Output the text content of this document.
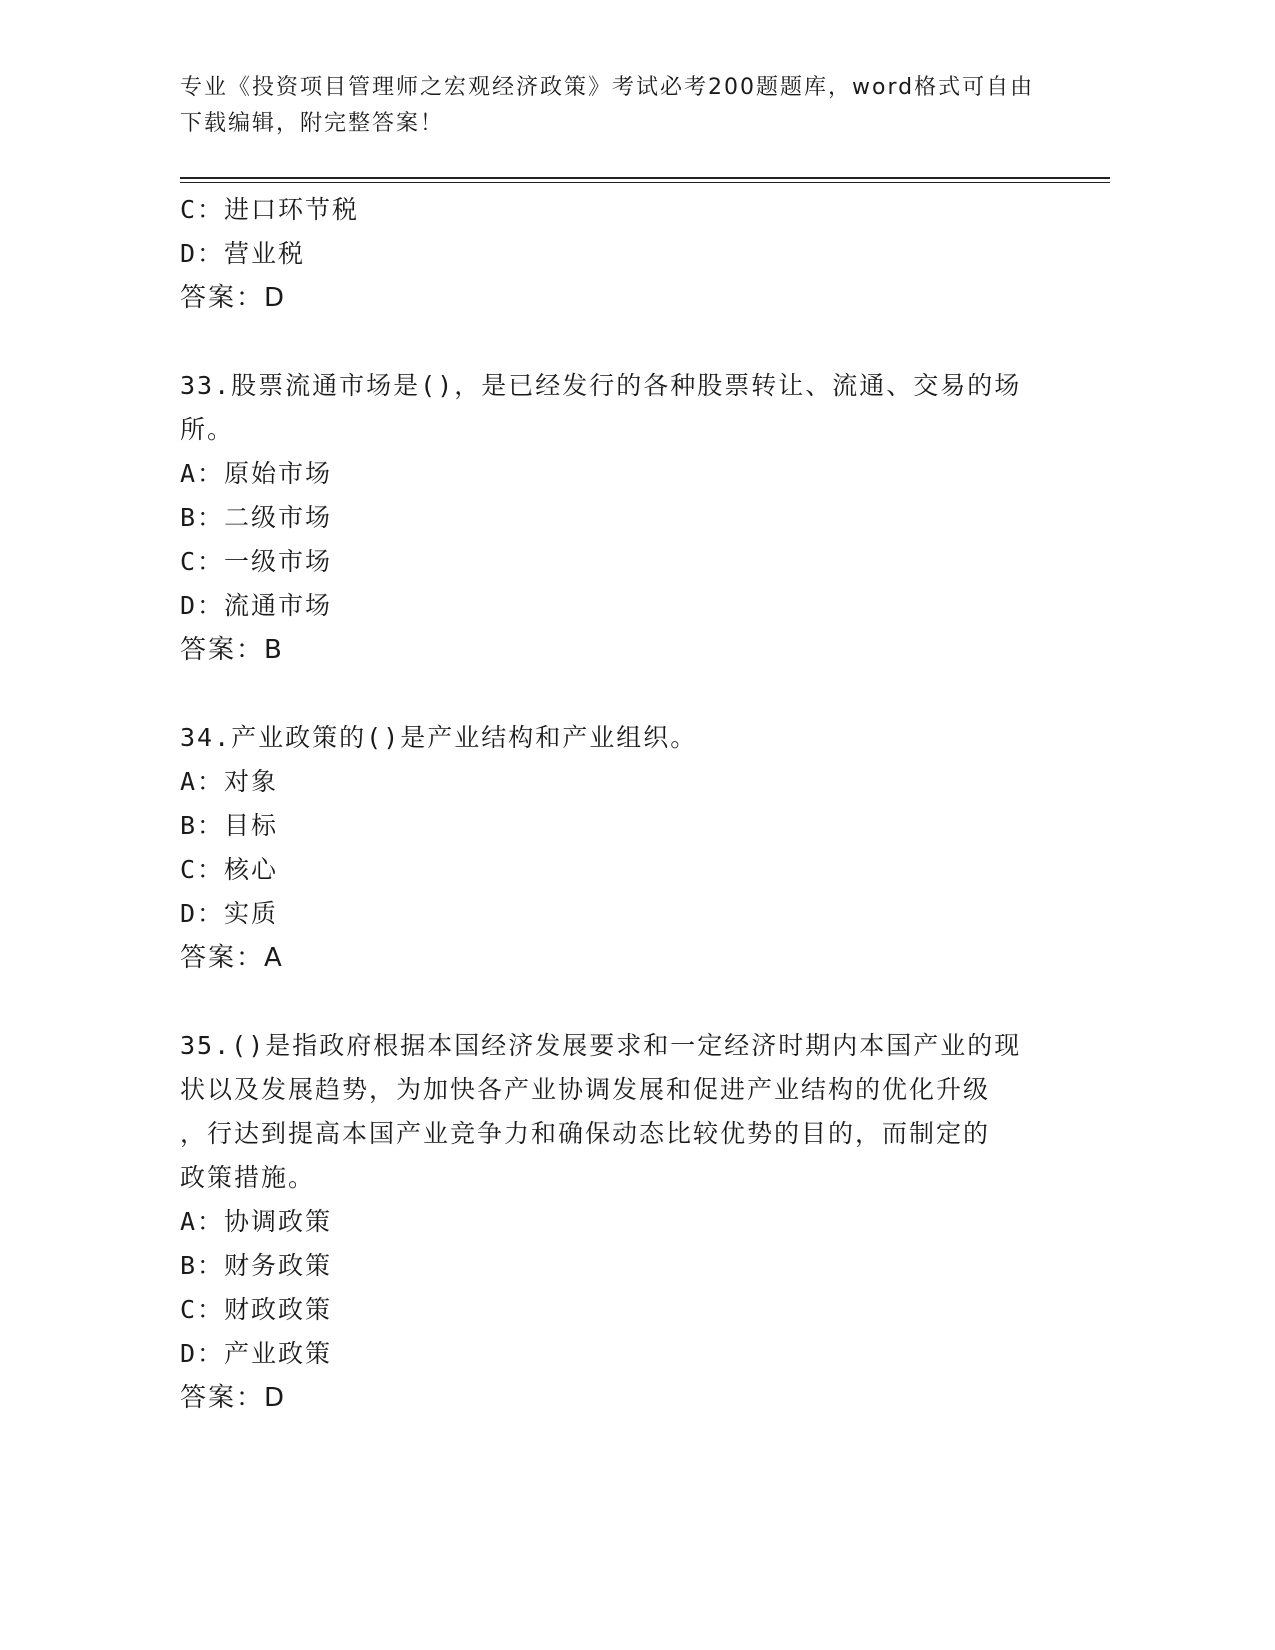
专业《投资项目管理师之宏观经济政策》考试必考200题题库，word格式可自由
下载编辑，附完整答案！
C：进口环节税
D：营业税
答案：D
33.股票流通市场是()，是已经发行的各种股票转让、流通、交易的场
所。
A：原始市场
B：二级市场
C：一级市场
D：流通市场
答案：B
34.产业政策的()是产业结构和产业组织。
A：对象
B：目标
C：核心
D：实质
答案：A
35.()是指政府根据本国经济发展要求和一定经济时期内本国产业的现
状以及发展趋势，为加快各产业协调发展和促进产业结构的优化升级
，行达到提高本国产业竞争力和确保动态比较优势的目的，而制定的
政策措施。
A：协调政策
B：财务政策
C：财政政策
D：产业政策
答案：D
